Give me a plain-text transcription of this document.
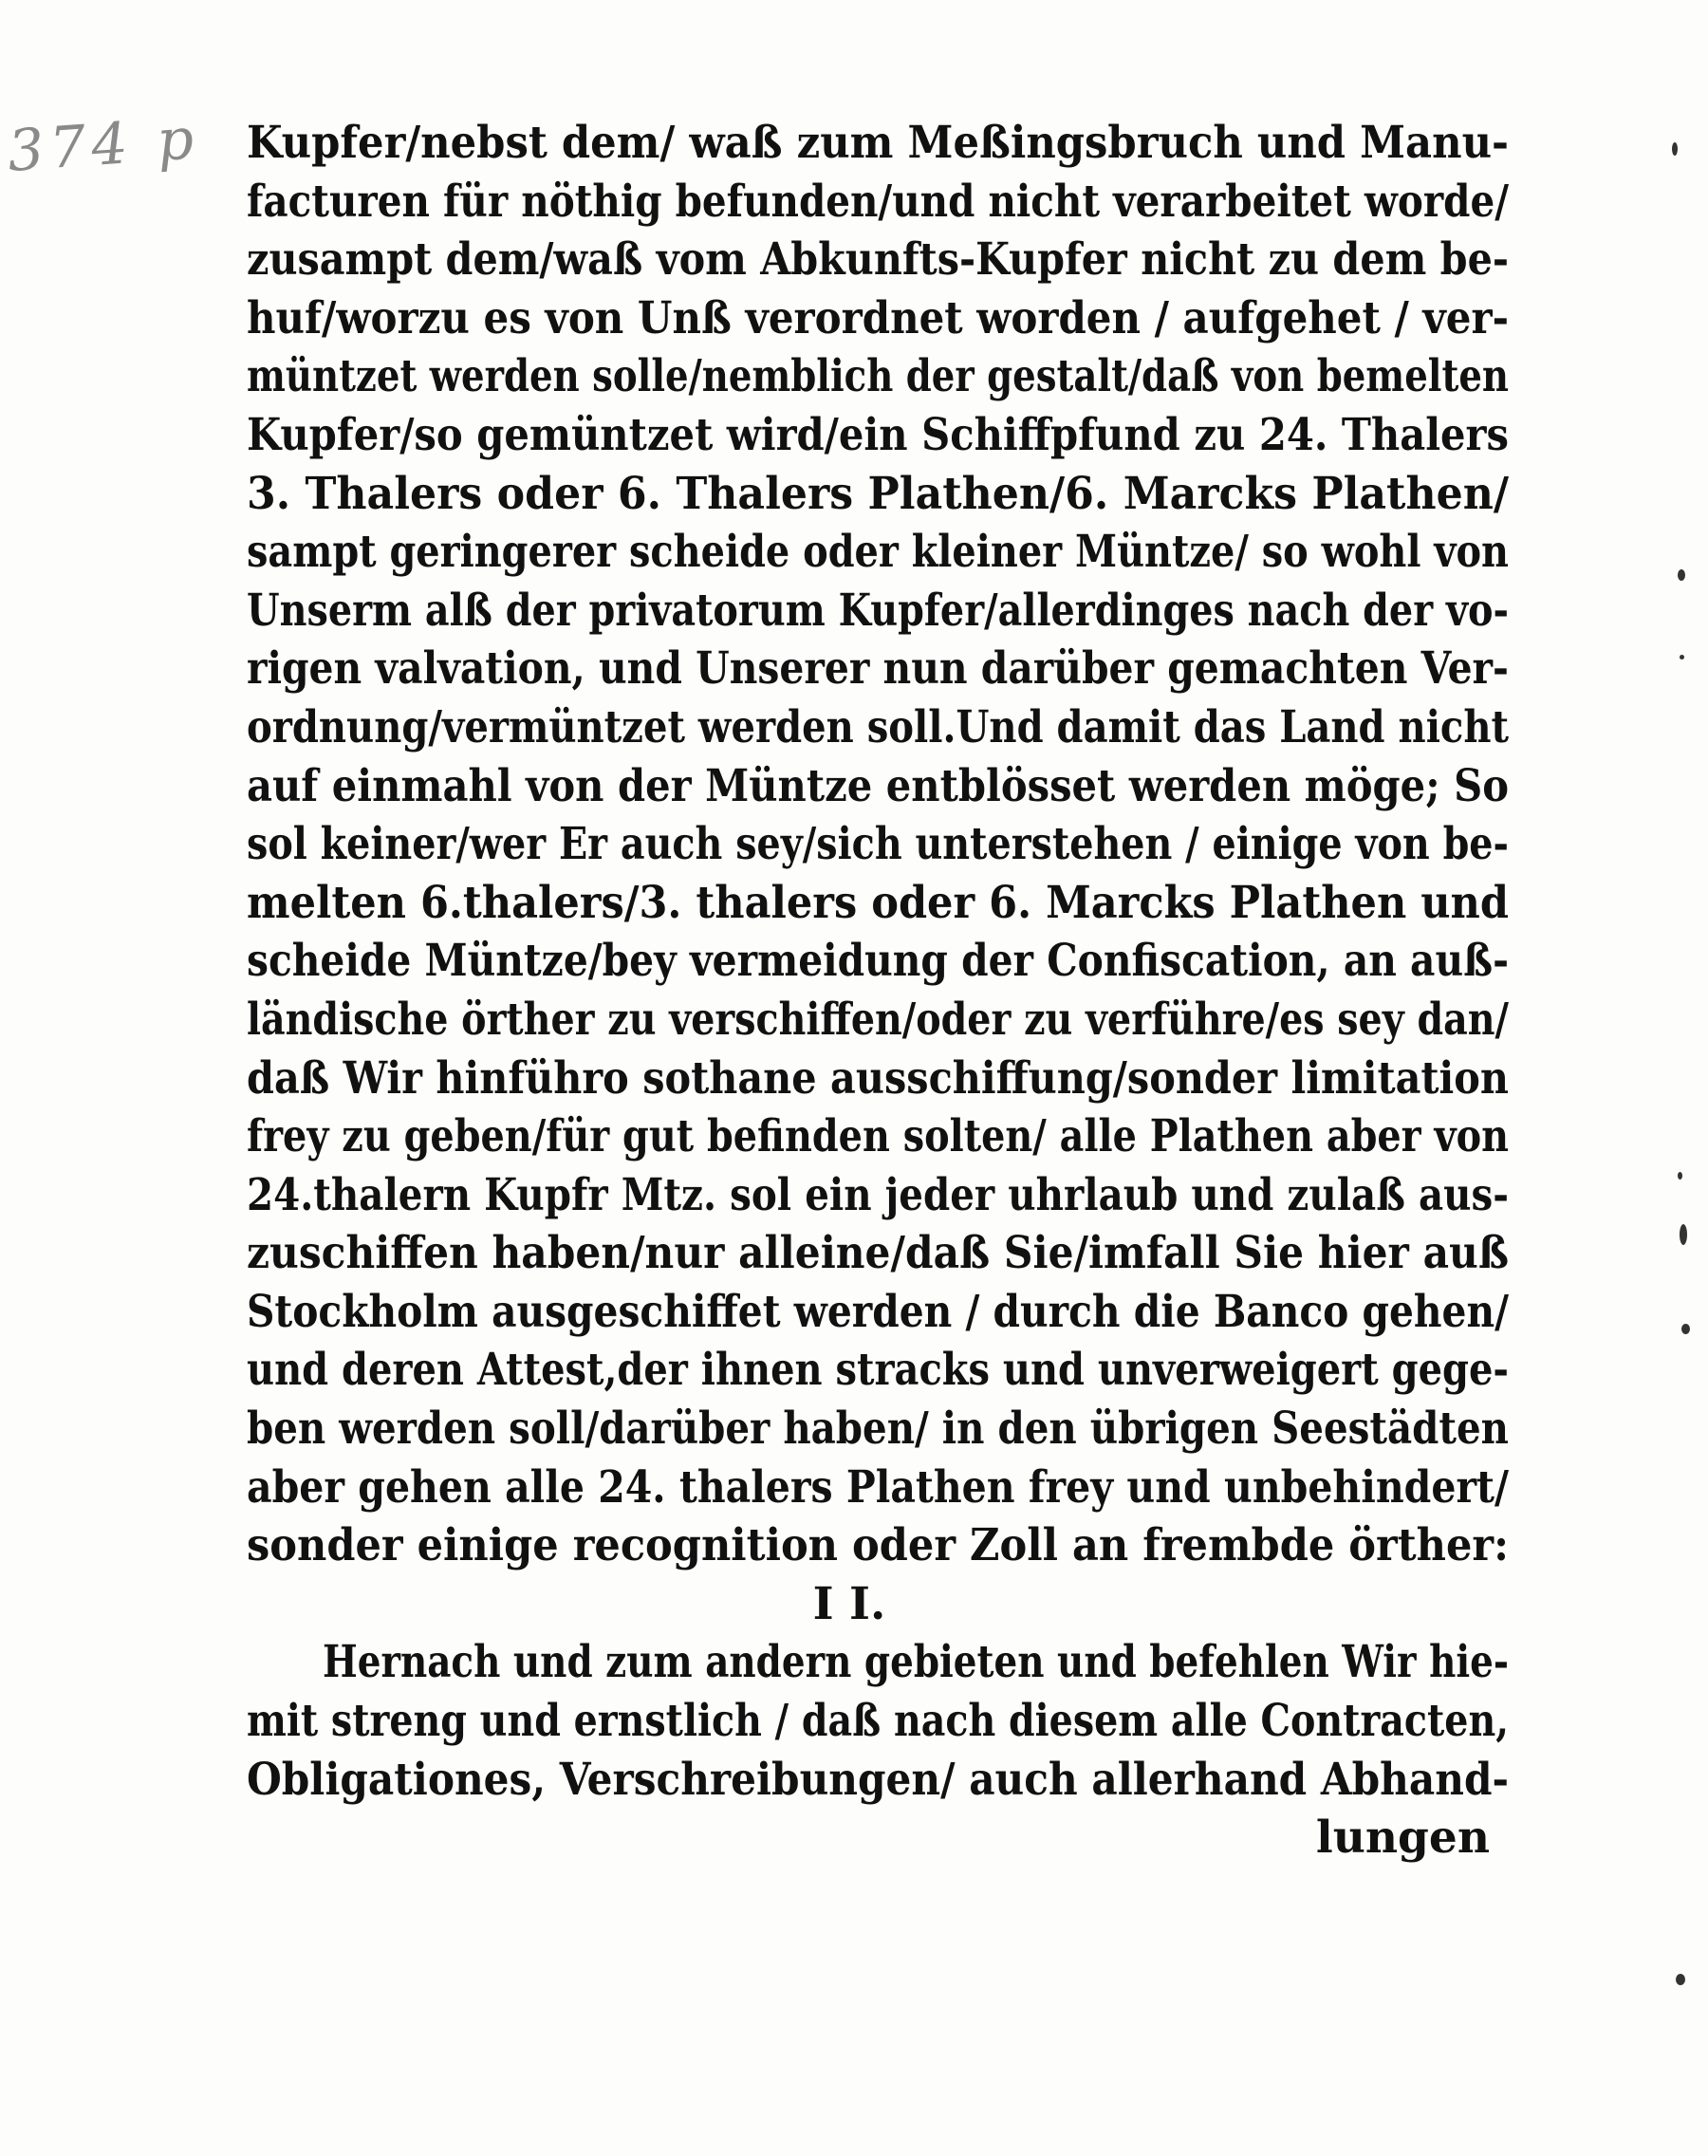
374 p Kupfer/nebst dem/ waß zum Meßingsbruch und Manu-
facturen für nöthig befunden/und nicht verarbeitet worde/
zusampt dem/waß vom Abkunfts-Kupfer nicht zu dem be-
huf/worzu es von Unß verordnet worden / aufgehet / ver-
müntzet werden solle/nemblich der gestalt/daß von bemelten
Kupfer/so gemüntzet wird/ein Schiffpfund zu 24. Thalers
3. Thalers oder 6. Thalers Plathen/6. Marcks Plathen/
sampt geringerer scheide oder kleiner Müntze/ so wohl von
Unserm alß der privatorum Kupfer/allerdinges nach der vo-
rigen valvation, und Unserer nun darüber gemachten Ver-
ordnung/vermüntzet werden soll.Und damit das Land nicht
auf einmahl von der Müntze entblösset werden möge; So
sol keiner/wer Er auch sey/sich unterstehen / einige von be-
melten 6.thalers/3. thalers oder 6. Marcks Plathen und
scheide Müntze/bey vermeidung der Confiscation, an auß-
ländische örther zu verschiffen/oder zu verführe/es sey dan/
daß Wir hinführo sothane ausschiffung/sonder limitation
frey zu geben/für gut befinden solten/ alle Plathen aber von
24.thalern Kupfr Mtz. sol ein jeder uhrlaub und zulaß aus-
zuschiffen haben/nur alleine/daß Sie/imfall Sie hier auß
Stockholm ausgeschiffet werden / durch die Banco gehen/
und deren Attest,der ihnen stracks und unverweigert gege-
ben werden soll/darüber haben/ in den übrigen Seestädten
aber gehen alle 24. thalers Plathen frey und unbehindert/
sonder einige recognition oder Zoll an frembde örther:
I I.
Hernach und zum andern gebieten und befehlen Wir hie-
mit streng und ernstlich / daß nach diesem alle Contracten,
Obligationes, Verschreibungen/ auch allerhand Abhand-
lungen
